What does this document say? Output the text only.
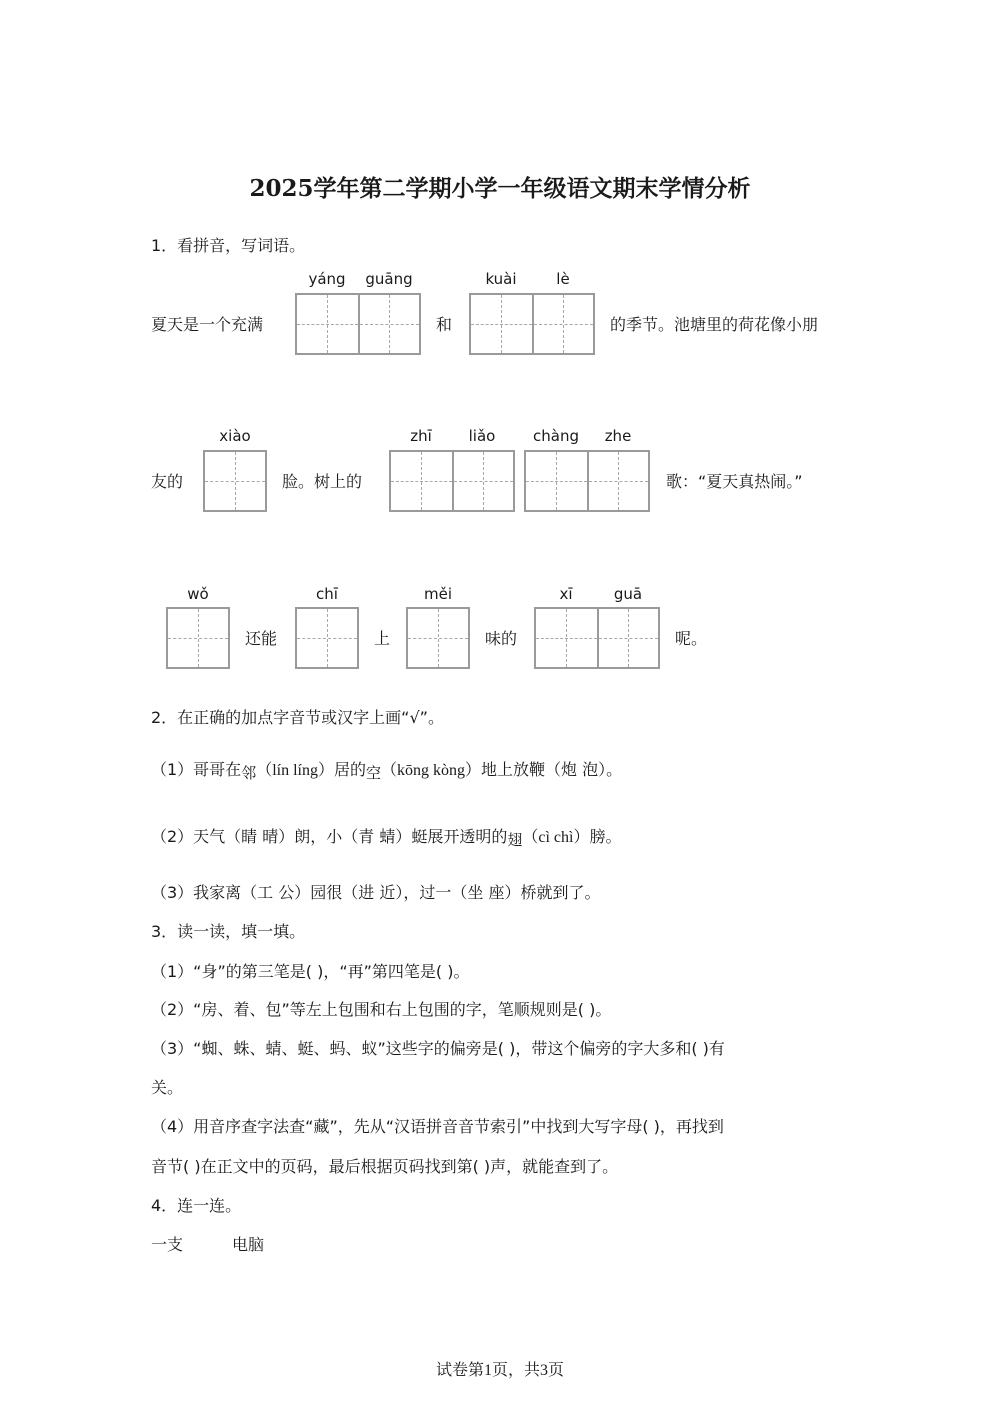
2025学年第二学期小学一年级语文期末学情分析
1．看拼音，写词语。
yáng	guāng	kuài	lè
夏天是一个充满	和	的季节。池塘里的荷花像小朋
xiào	zhī	liǎo	chàng	zhe
友的	脸。树上的	歌：“夏天真热闹。”
wǒ	chī	měi	xī	guā
还能	上	味的	呢。
2．在正确的加点字音节或汉字上画“√”。
（1）哥哥在邻（lín líng）居的空（kōng kòng）地上放鞭（炮 泡）。
（2）天气（睛 晴）朗，小（青 蜻）蜓展开透明的翅（cì chì）膀。
（3）我家离（工 公）园很（进 近），过一（坐 座）桥就到了。
3．读一读，填一填。
（1）“身”的第三笔是( )，“再”第四笔是( )。
（2）“房、着、包”等左上包围和右上包围的字，笔顺规则是( )。
（3）“蜘、蛛、蜻、蜓、蚂、蚁”这些字的偏旁是( )，带这个偏旁的字大多和( )有
关。
（4）用音序查字法查“藏”，先从“汉语拼音音节索引”中找到大写字母( )，再找到
音节( )在正文中的页码，最后根据页码找到第( )声，就能查到了。
4．连一连。
一支	电脑
试卷第1页，共3页
